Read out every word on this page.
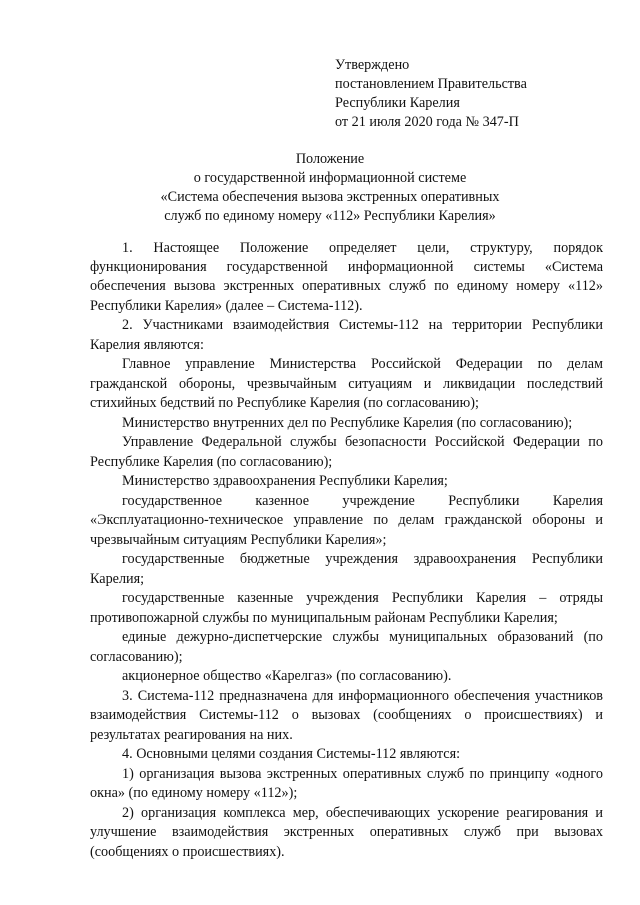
Утверждено
постановлением Правительства
Республики Карелия
от 21 июля 2020 года № 347-П
Положение
о государственной информационной системе
«Система обеспечения вызова экстренных оперативных
служб по единому номеру «112» Республики Карелия»

1. Настоящее Положение определяет цели, структуру, порядок функционирования государственной информационной системы «Система обеспечения вызова экстренных оперативных служб по единому номеру «112» Республики Карелия» (далее – Система-112).

2. Участниками взаимодействия Системы-112 на территории Республики Карелия являются:

Главное управление Министерства Российской Федерации по делам гражданской обороны, чрезвычайным ситуациям и ликвидации последствий стихийных бедствий по Республике Карелия (по согласованию);

Министерство внутренних дел по Республике Карелия (по согласованию);

Управление Федеральной службы безопасности Российской Федерации по Республике Карелия (по согласованию);

Министерство здравоохранения Республики Карелия;

государственное казенное учреждение Республики Карелия «Эксплуатационно-техническое управление по делам гражданской обороны и чрезвычайным ситуациям Республики Карелия»;

государственные бюджетные учреждения здравоохранения Республики Карелия;

государственные казенные учреждения Республики Карелия – отряды противопожарной службы по муниципальным районам Республики Карелия;

единые дежурно-диспетчерские службы муниципальных образований (по согласованию);

акционерное общество «Карелгаз» (по согласованию).

3. Система-112 предназначена для информационного обеспечения участников взаимодействия Системы-112 о вызовах (сообщениях о происшествиях) и результатах реагирования на них.

4. Основными целями создания Системы-112 являются:

1) организация вызова экстренных оперативных служб по принципу «одного окна» (по единому номеру «112»);

2) организация комплекса мер, обеспечивающих ускорение реагирования и улучшение взаимодействия экстренных оперативных служб при вызовах (сообщениях о происшествиях).
